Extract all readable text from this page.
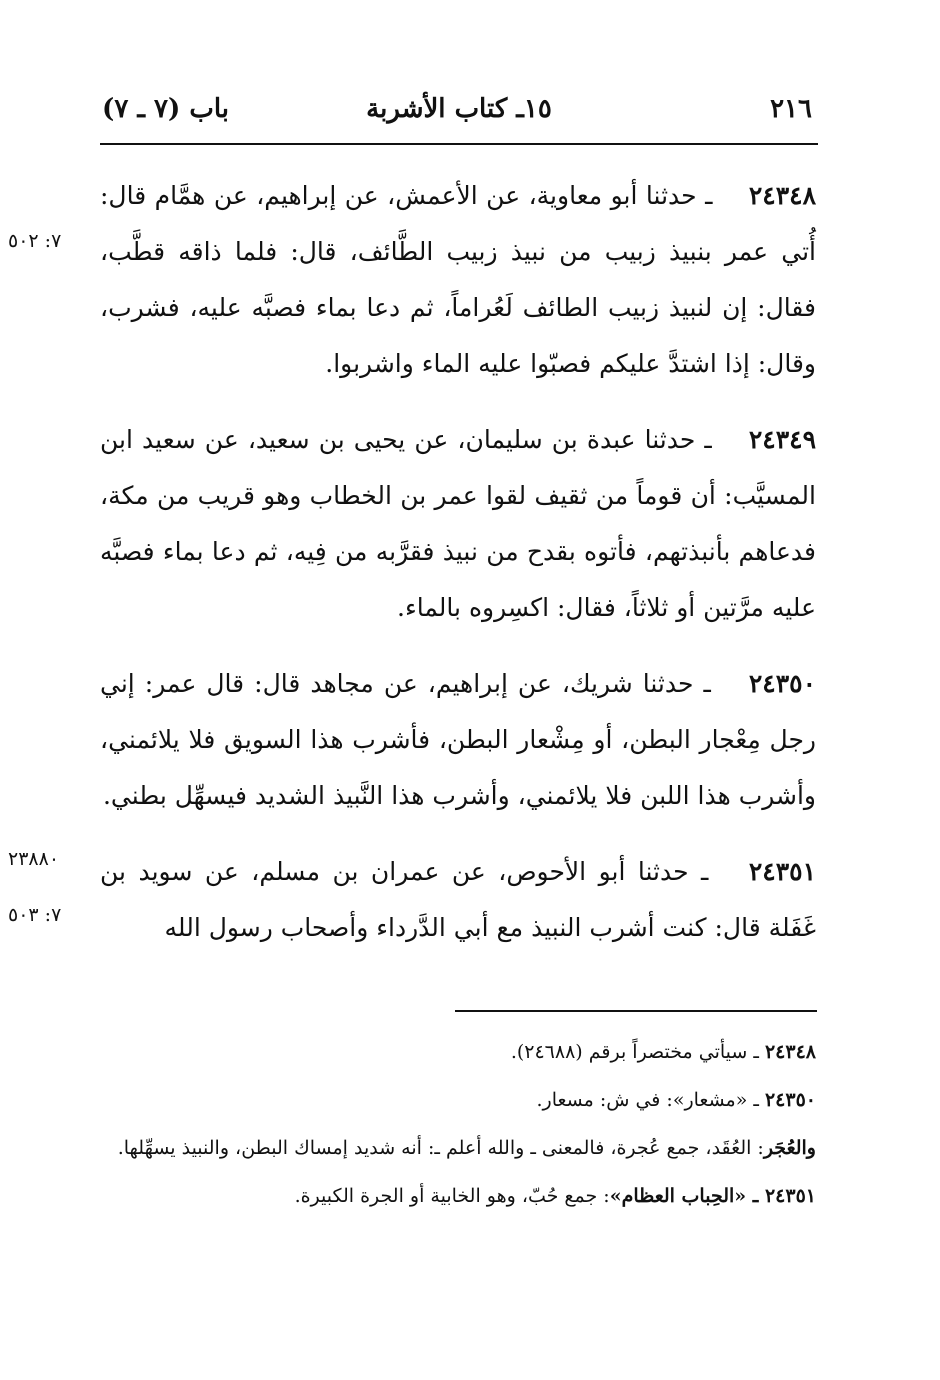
٢١٦
١٥ـ كتاب الأشربة
باب (٧ ـ ٧)
٧: ٥٠٢
٢٣٨٨٠
٧: ٥٠٣

٢٤٣٤٨ ـ حدثنا أبو معاوية، عن الأعمش، عن إبراهيم، عن همَّام قال: أُتي عمر بنبيذ زبيب من نبيذ زبيب الطَّائف، قال: فلما ذاقه قطَّب، فقال: إن لنبيذ زبيب الطائف لَعُراماً، ثم دعا بماء فصبَّه عليه، فشرب، وقال: إذا اشتدَّ عليكم فصبّوا عليه الماء واشربوا.

٢٤٣٤٩ ـ حدثنا عبدة بن سليمان، عن يحيى بن سعيد، عن سعيد ابن المسيَّب: أن قوماً من ثقيف لقوا عمر بن الخطاب وهو قريب من مكة، فدعاهم بأنبذتهم، فأتوه بقدح من نبيذ فقرَّبه من فِيه، ثم دعا بماء فصبَّه عليه مرَّتين أو ثلاثاً، فقال: اكسِروه بالماء.

٢٤٣٥٠ ـ حدثنا شريك، عن إبراهيم، عن مجاهد قال: قال عمر: إني رجل مِعْجار البطن، أو مِشْعار البطن، فأشرب هذا السويق فلا يلائمني، وأشرب هذا اللبن فلا يلائمني، وأشرب هذا النَّبيذ الشديد فيسهِّل بطني.

٢٤٣٥١ ـ حدثنا أبو الأحوص، عن عمران بن مسلم، عن سويد بن غَفَلة قال: كنت أشرب النبيذ مع أبي الدَّرداء وأصحاب رسول الله

٢٤٣٤٨ ـ سيأتي مختصراً برقم (٢٤٦٨٨).

٢٤٣٥٠ ـ «مشعار»: في ش: مسعار.

والعُجَر: العُقَد، جمع عُجرة، فالمعنى ـ والله أعلم ـ: أنه شديد إمساك البطن، والنبيذ يسهِّلها.

٢٤٣٥١ ـ «الحِباب العظام»: جمع حُبّ، وهو الخابية أو الجرة الكبيرة.
